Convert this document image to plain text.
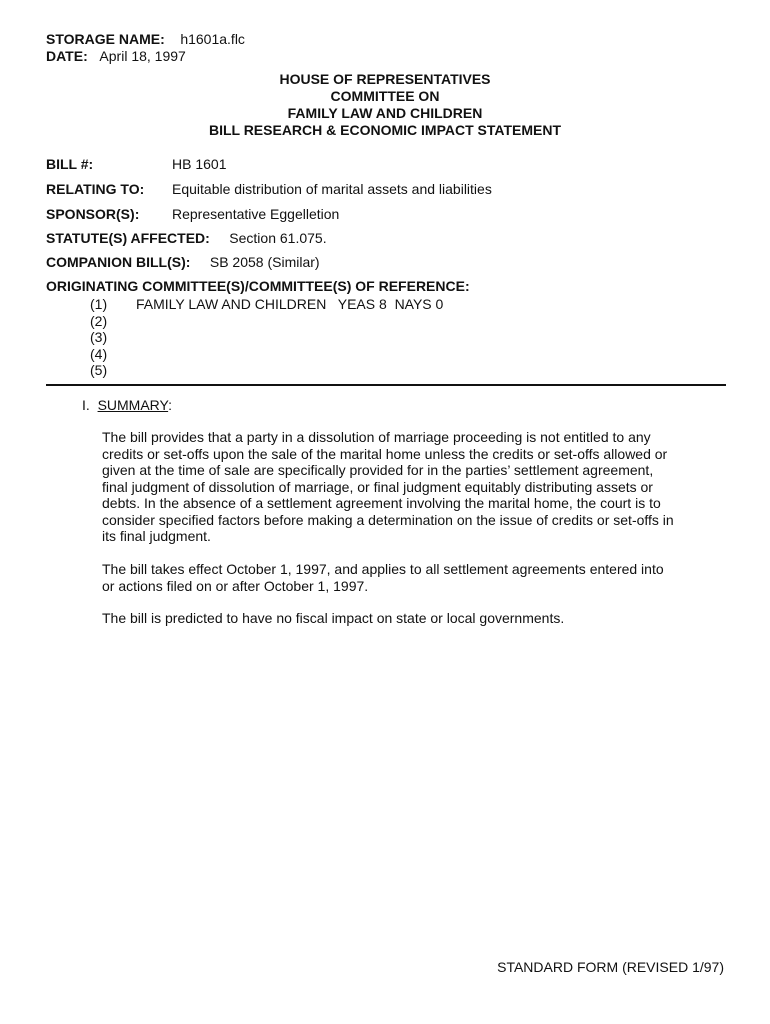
STORAGE NAME: h1601a.flc
DATE: April 18, 1997
HOUSE OF REPRESENTATIVES
COMMITTEE ON
FAMILY LAW AND CHILDREN
BILL RESEARCH & ECONOMIC IMPACT STATEMENT
BILL #:	HB 1601
RELATING TO: Equitable distribution of marital assets and liabilities
SPONSOR(S): Representative Eggelletion
STATUTE(S) AFFECTED: Section 61.075.
COMPANION BILL(S): SB 2058 (Similar)
ORIGINATING COMMITTEE(S)/COMMITTEE(S) OF REFERENCE:
(1) FAMILY LAW AND CHILDREN   YEAS 8  NAYS 0
(2)
(3)
(4)
(5)
I. SUMMARY:
The bill provides that a party in a dissolution of marriage proceeding is not entitled to any
credits or set-offs upon the sale of the marital home unless the credits or set-offs allowed or
given at the time of sale are specifically provided for in the parties’ settlement agreement,
final judgment of dissolution of marriage, or final judgment equitably distributing assets or
debts. In the absence of a settlement agreement involving the marital home, the court is to
consider specified factors before making a determination on the issue of credits or set-offs in
its final judgment.
The bill takes effect October 1, 1997, and applies to all settlement agreements entered into
or actions filed on or after October 1, 1997.
The bill is predicted to have no fiscal impact on state or local governments.
STANDARD FORM (REVISED 1/97)
